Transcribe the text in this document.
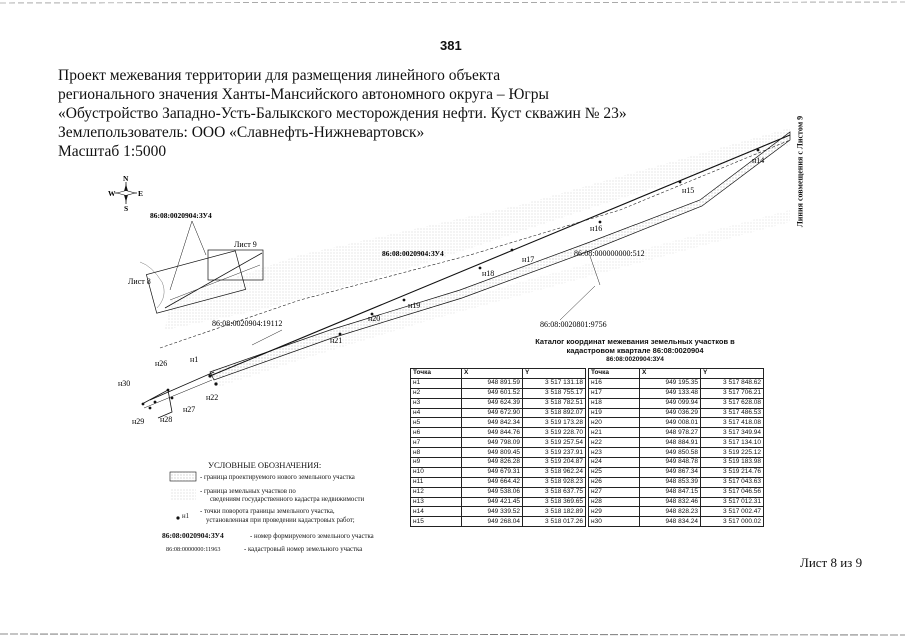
381
Проект межевания территории для размещения линейного объекта
регионального значения Ханты-Мансийского автономного округа – Югры
«Обустройство Западно-Усть-Балыкского месторождения нефти. Куст скважин № 23»
Землепользователь: ООО «Славнефть-Нижневартовск»
Масштаб 1:5000	Линия совмещения с Листом 9
N
S
W	E
86:08:0020904:ЗУ4
86:08:0020904:ЗУ4
Лист 9
Лист 8
86:08:000000000:512
86:08:0020904:19112	86:08:0020801:9756
н1
н14
н15
н16
н17
н18
н19
н20
н21
н22
н26
н27
н28
н29
н30
Каталог координат межевания земельных участков в кадастровом квартале 86:08:0020904
86:08:0020904:ЗУ4
Точка	X	Y
н1	948 891.59	3 517 131.18
н2	949 601.52	3 518 755.17
н3	949 624.39	3 518 782.51
н4	949 672.90	3 518 892.07
н5	949 842.34	3 519 173.28
н6	949 844.76	3 519 228.70
н7	949 798.09	3 519 257.54
н8	949 809.45	3 519 237.91
н9	949 826.28	3 519 204.87
н10	949 679.31	3 518 962.24
н11	949 664.42	3 518 928.23
н12	949 538.06	3 518 637.75
н13	949 421.45	3 518 369.65
н14	949 339.52	3 518 182.89
н15	949 268.04	3 518 017.26
Точка	X	Y
н16	949 195.35	3 517 848.62
н17	949 133.48	3 517 706.21
н18	949 099.94	3 517 628.08
н19	949 036.29	3 517 486.53
н20	949 008.01	3 517 418.08
н21	948 978.27	3 517 349.94
н22	948 884.91	3 517 134.10
н23	949 850.58	3 519 225.12
н24	949 848.78	3 519 183.98
н25	949 867.34	3 519 214.76
н26	948 853.39	3 517 043.63
н27	948 847.15	3 517 046.56
н28	948 832.46	3 517 012.31
н29	948 828.23	3 517 002.47
н30	948 834.24	3 517 000.02
УСЛОВНЫЕ ОБОЗНАЧЕНИЯ:
- граница проектируемого нового земельного участка
- граница земельных участков по
сведениям государственного кадастра недвижимости
н1
- точки поворота границы земельного участка,
установленная при проведении кадастровых работ;
86:08:0020904:ЗУ4	- номер формируемого земельного участка
86:08:0000000:11963	- кадастровый номер земельного участка
Лист 8 из 9
